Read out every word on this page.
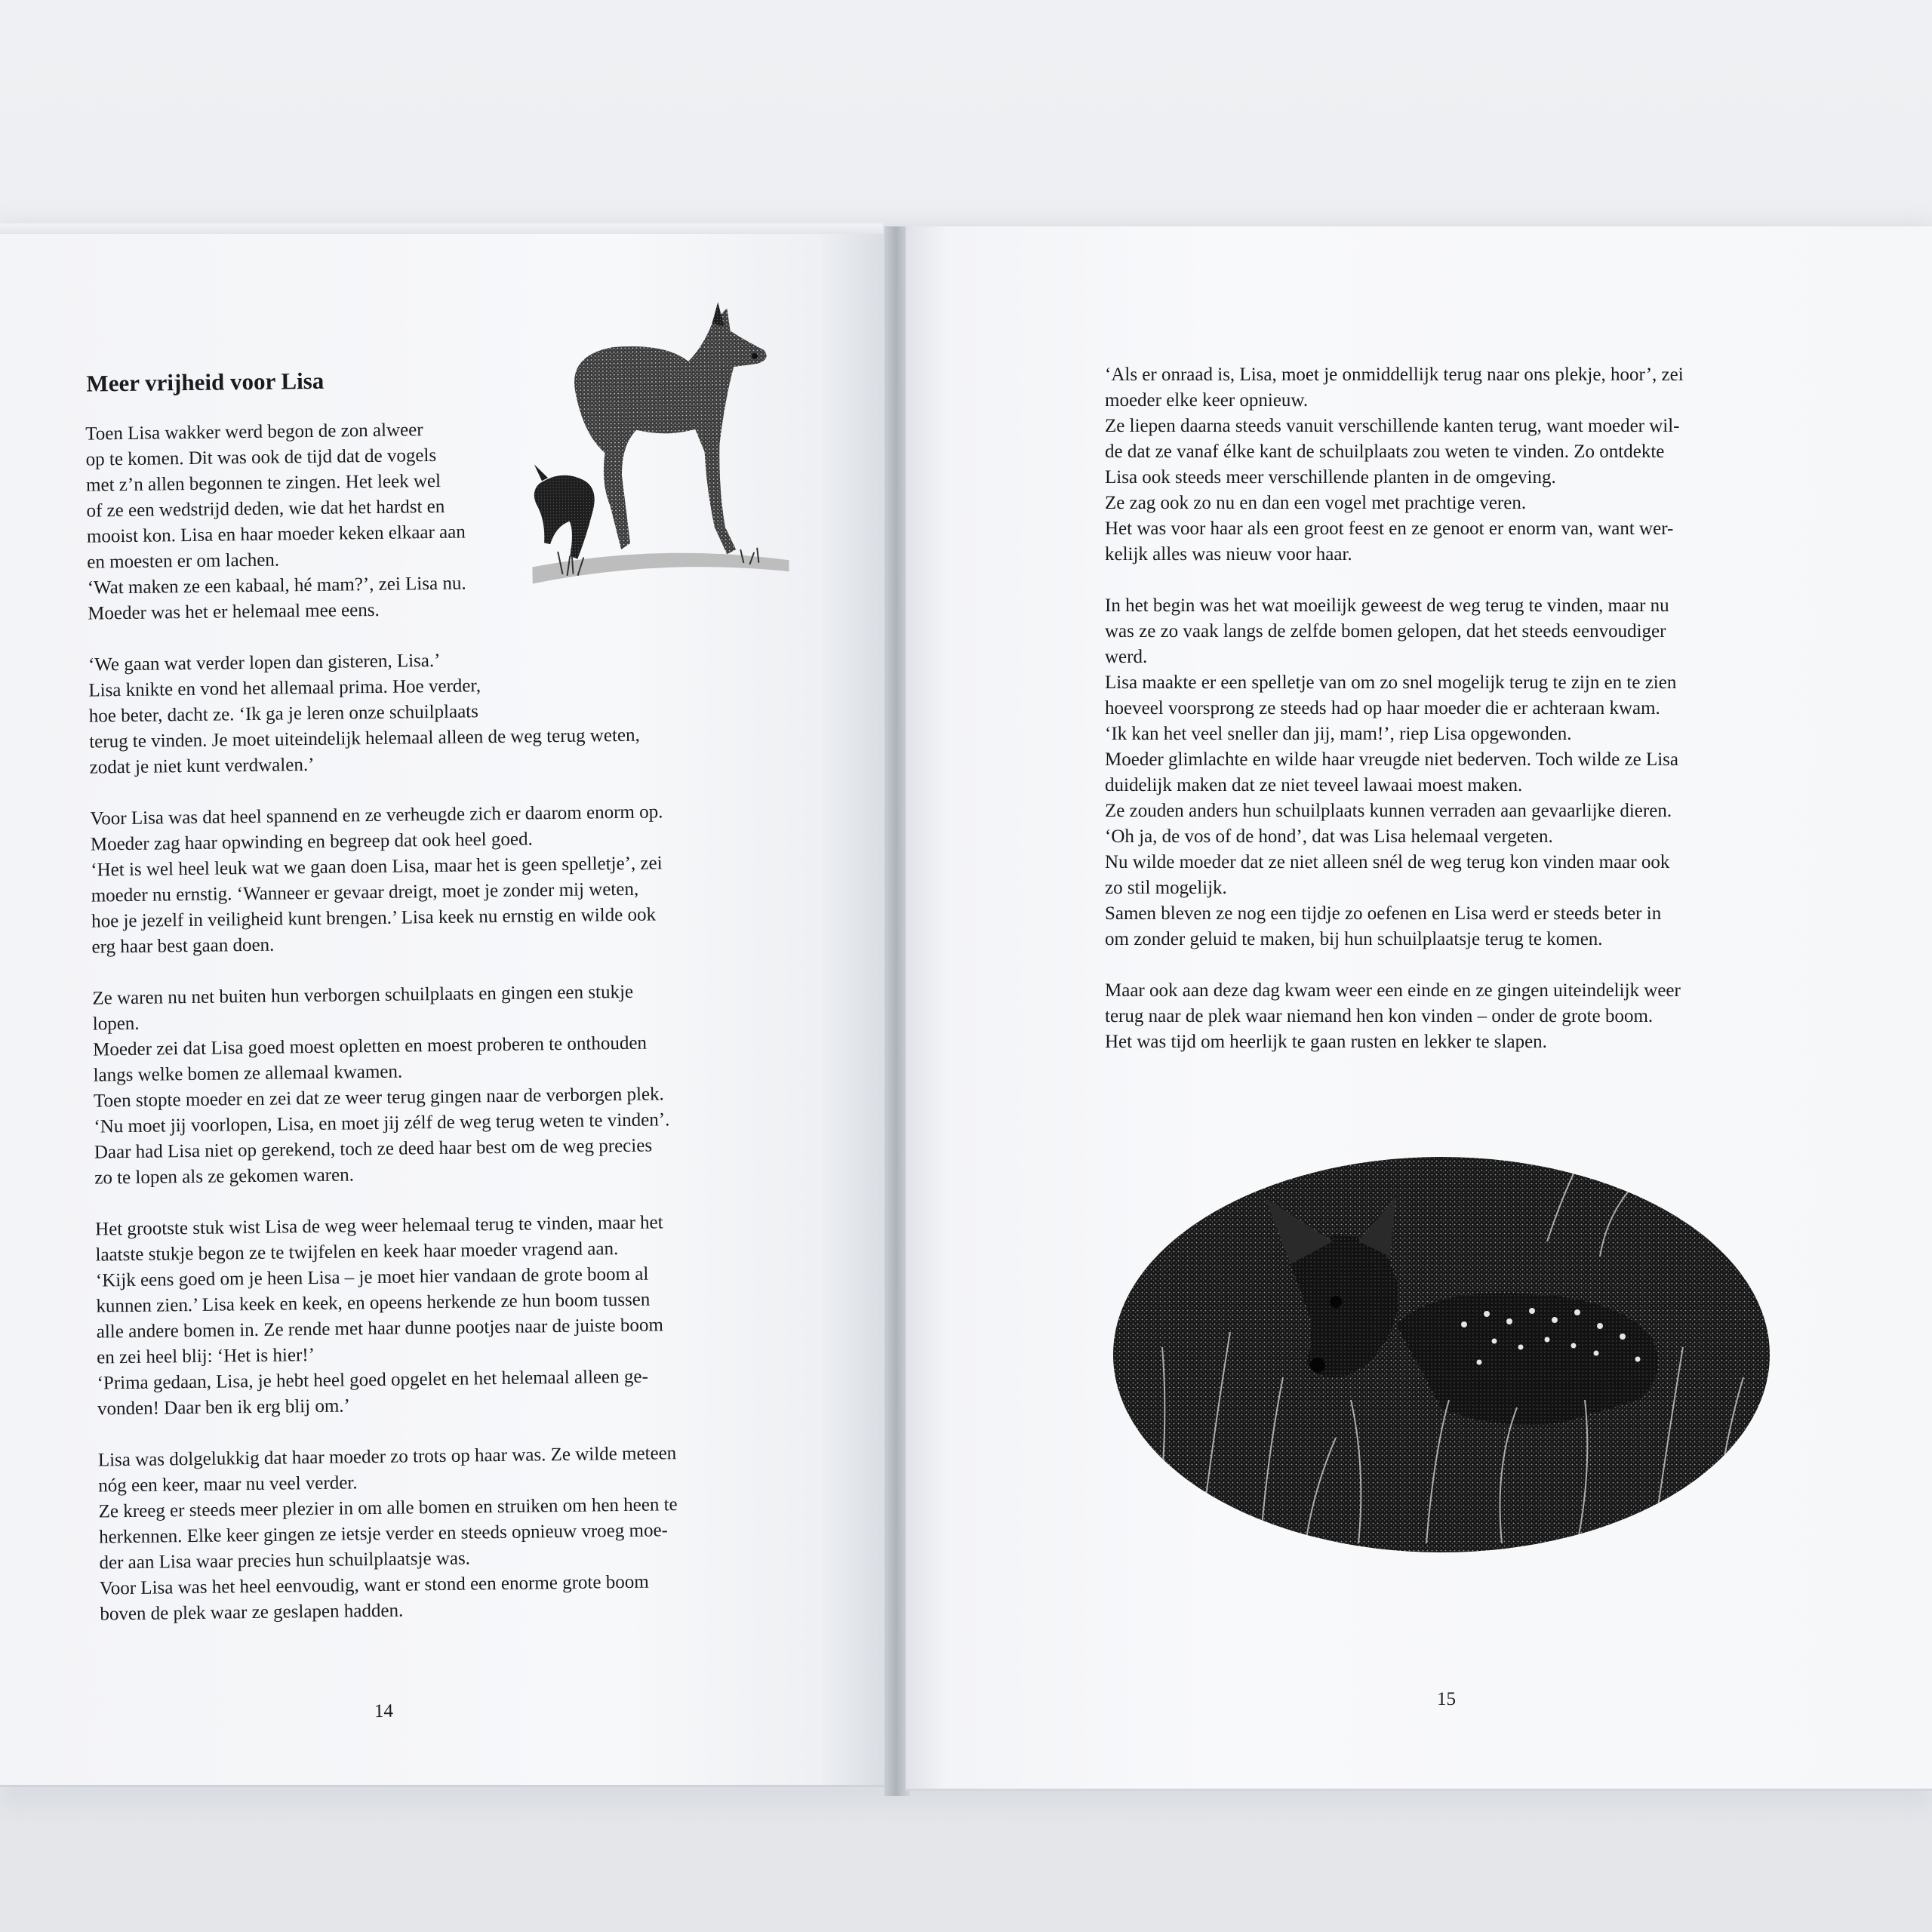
Meer vrijheid voor Lisa
Toen Lisa wakker werd begon de zon alweer
op te komen. Dit was ook de tijd dat de vogels
met z’n allen begonnen te zingen. Het leek wel
of ze een wedstrijd deden, wie dat het hardst en
mooist kon. Lisa en haar moeder keken elkaar aan
en moesten er om lachen.
‘Wat maken ze een kabaal, hé mam?’, zei Lisa nu.
Moeder was het er helemaal mee eens.
‘We gaan wat verder lopen dan gisteren, Lisa.’
Lisa knikte en vond het allemaal prima. Hoe verder,
hoe beter, dacht ze. ‘Ik ga je leren onze schuilplaats
terug te vinden. Je moet uiteindelijk helemaal alleen de weg terug weten,
zodat je niet kunt verdwalen.’
Voor Lisa was dat heel spannend en ze verheugde zich er daarom enorm op.
Moeder zag haar opwinding en begreep dat ook heel goed.
‘Het is wel heel leuk wat we gaan doen Lisa, maar het is geen spelletje’, zei
moeder nu ernstig. ‘Wanneer er gevaar dreigt, moet je zonder mij weten,
hoe je jezelf in veiligheid kunt brengen.’ Lisa keek nu ernstig en wilde ook
erg haar best gaan doen.
Ze waren nu net buiten hun verborgen schuilplaats en gingen een stukje
lopen.
Moeder zei dat Lisa goed moest opletten en moest proberen te onthouden
langs welke bomen ze allemaal kwamen.
Toen stopte moeder en zei dat ze weer terug gingen naar de verborgen plek.
‘Nu moet jij voorlopen, Lisa, en moet jij zélf de weg terug weten te vinden’.
Daar had Lisa niet op gerekend, toch ze deed haar best om de weg precies
zo te lopen als ze gekomen waren.
Het grootste stuk wist Lisa de weg weer helemaal terug te vinden, maar het
laatste stukje begon ze te twijfelen en keek haar moeder vragend aan.
‘Kijk eens goed om je heen Lisa – je moet hier vandaan de grote boom al
kunnen zien.’ Lisa keek en keek, en opeens herkende ze hun boom tussen
alle andere bomen in. Ze rende met haar dunne pootjes naar de juiste boom
en zei heel blij: ‘Het is hier!’
‘Prima gedaan, Lisa, je hebt heel goed opgelet en het helemaal alleen ge-
vonden! Daar ben ik erg blij om.’
Lisa was dolgelukkig dat haar moeder zo trots op haar was. Ze wilde meteen
nóg een keer, maar nu veel verder.
Ze kreeg er steeds meer plezier in om alle bomen en struiken om hen heen te
herkennen. Elke keer gingen ze ietsje verder en steeds opnieuw vroeg moe-
der aan Lisa waar precies hun schuilplaatsje was.
Voor Lisa was het heel eenvoudig, want er stond een enorme grote boom
boven de plek waar ze geslapen hadden.
14
‘Als er onraad is, Lisa, moet je onmiddellijk terug naar ons plekje, hoor’, zei
moeder elke keer opnieuw.
Ze liepen daarna steeds vanuit verschillende kanten terug, want moeder wil-
de dat ze vanaf élke kant de schuilplaats zou weten te vinden. Zo ontdekte
Lisa ook steeds meer verschillende planten in de omgeving.
Ze zag ook zo nu en dan een vogel met prachtige veren.
Het was voor haar als een groot feest en ze genoot er enorm van, want wer-
kelijk alles was nieuw voor haar.
In het begin was het wat moeilijk geweest de weg terug te vinden, maar nu
was ze zo vaak langs de zelfde bomen gelopen, dat het steeds eenvoudiger
werd.
Lisa maakte er een spelletje van om zo snel mogelijk terug te zijn en te zien
hoeveel voorsprong ze steeds had op haar moeder die er achteraan kwam.
‘Ik kan het veel sneller dan jij, mam!’, riep Lisa opgewonden.
Moeder glimlachte en wilde haar vreugde niet bederven. Toch wilde ze Lisa
duidelijk maken dat ze niet teveel lawaai moest maken.
Ze zouden anders hun schuilplaats kunnen verraden aan gevaarlijke dieren.
‘Oh ja, de vos of de hond’, dat was Lisa helemaal vergeten.
Nu wilde moeder dat ze niet alleen snél de weg terug kon vinden maar ook
zo stil mogelijk.
Samen bleven ze nog een tijdje zo oefenen en Lisa werd er steeds beter in
om zonder geluid te maken, bij hun schuilplaatsje terug te komen.
Maar ook aan deze dag kwam weer een einde en ze gingen uiteindelijk weer
terug naar de plek waar niemand hen kon vinden – onder de grote boom.
Het was tijd om heerlijk te gaan rusten en lekker te slapen.
15
